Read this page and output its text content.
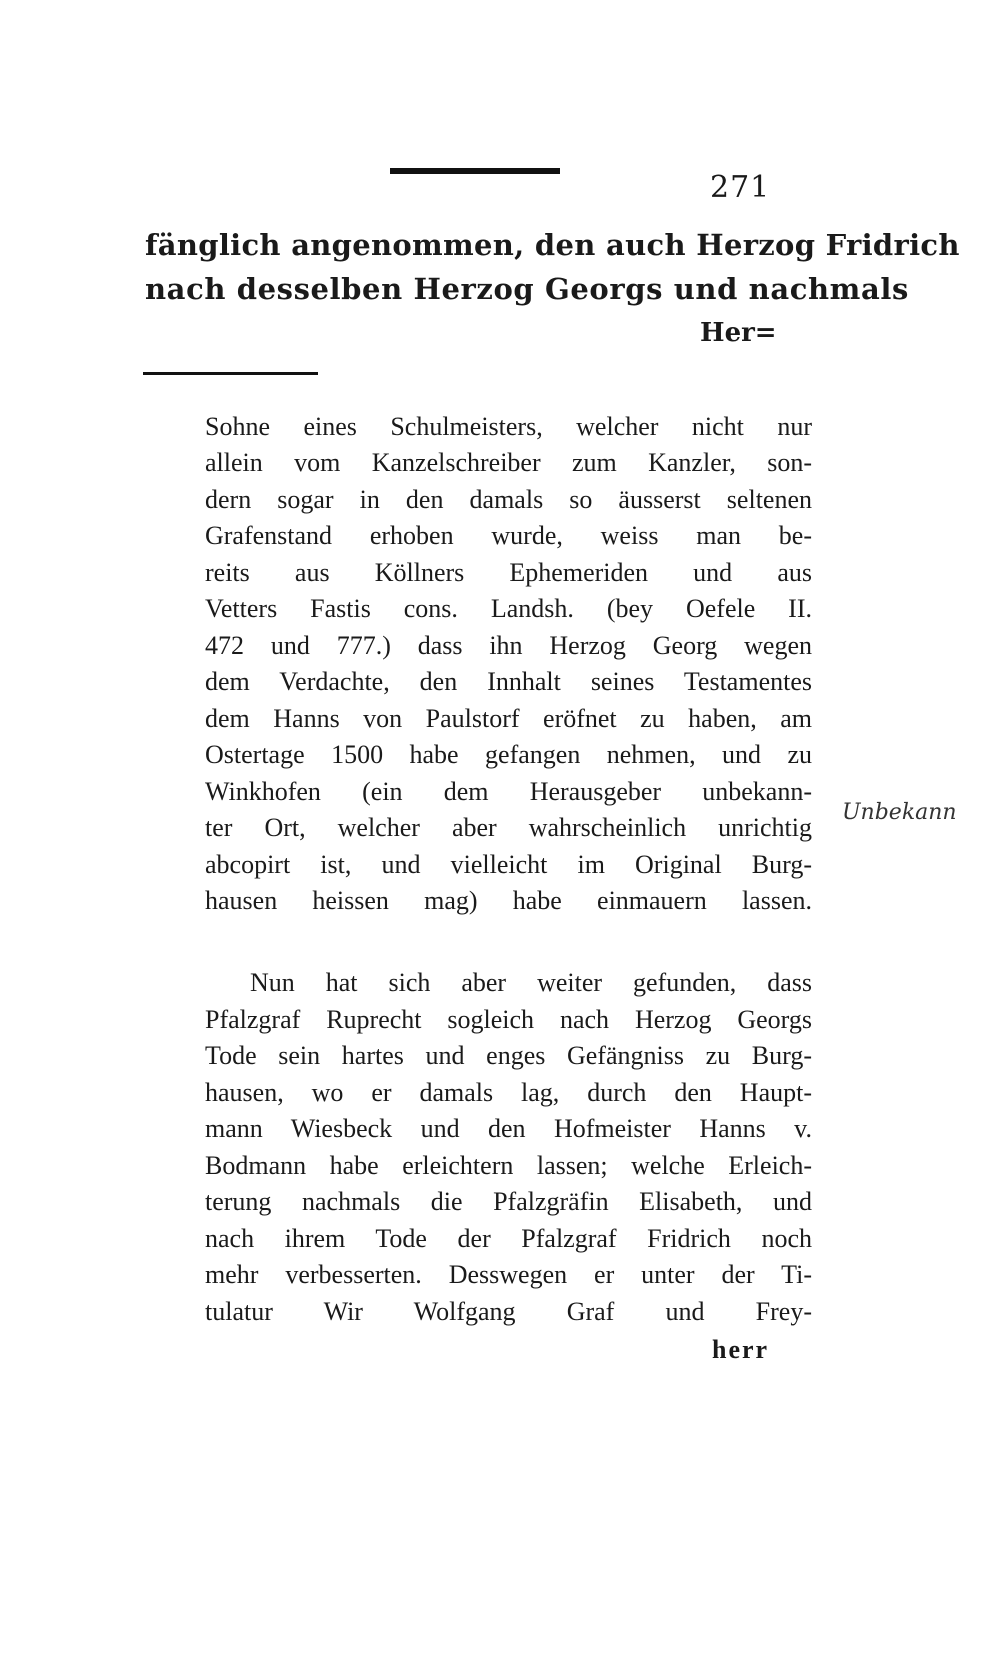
271
fänglich angenommen, den auch Herzog Fridrich
nach desselben Herzog Georgs und nachmals
Her=
Sohne eines Schulmeisters, welcher nicht nur
allein vom Kanzelschreiber zum Kanzler, son-
dern sogar in den damals so äusserst seltenen
Grafenstand erhoben wurde, weiss man be-
reits aus Köllners Ephemeriden und aus
Vetters Fastis cons. Landsh. (bey Oefele II.
472 und 777.) dass ihn Herzog Georg wegen
dem Verdachte, den Innhalt seines Testamentes
dem Hanns von Paulstorf eröfnet zu haben, am
Ostertage 1500 habe gefangen nehmen, und zu
Winkhofen (ein dem Herausgeber unbekann-
ter Ort, welcher aber wahrscheinlich unrichtig
abcopirt ist, und vielleicht im Original Burg-
hausen heissen mag) habe einmauern lassen.
Unbekann
Nun hat sich aber weiter gefunden, dass
Pfalzgraf Ruprecht sogleich nach Herzog Georgs
Tode sein hartes und enges Gefängniss zu Burg-
hausen, wo er damals lag, durch den Haupt-
mann Wiesbeck und den Hofmeister Hanns v.
Bodmann habe erleichtern lassen; welche Erleich-
terung nachmals die Pfalzgräfin Elisabeth, und
nach ihrem Tode der Pfalzgraf Fridrich noch
mehr verbesserten. Desswegen er unter der Ti-
tulatur Wir Wolfgang Graf und Frey-
herr
